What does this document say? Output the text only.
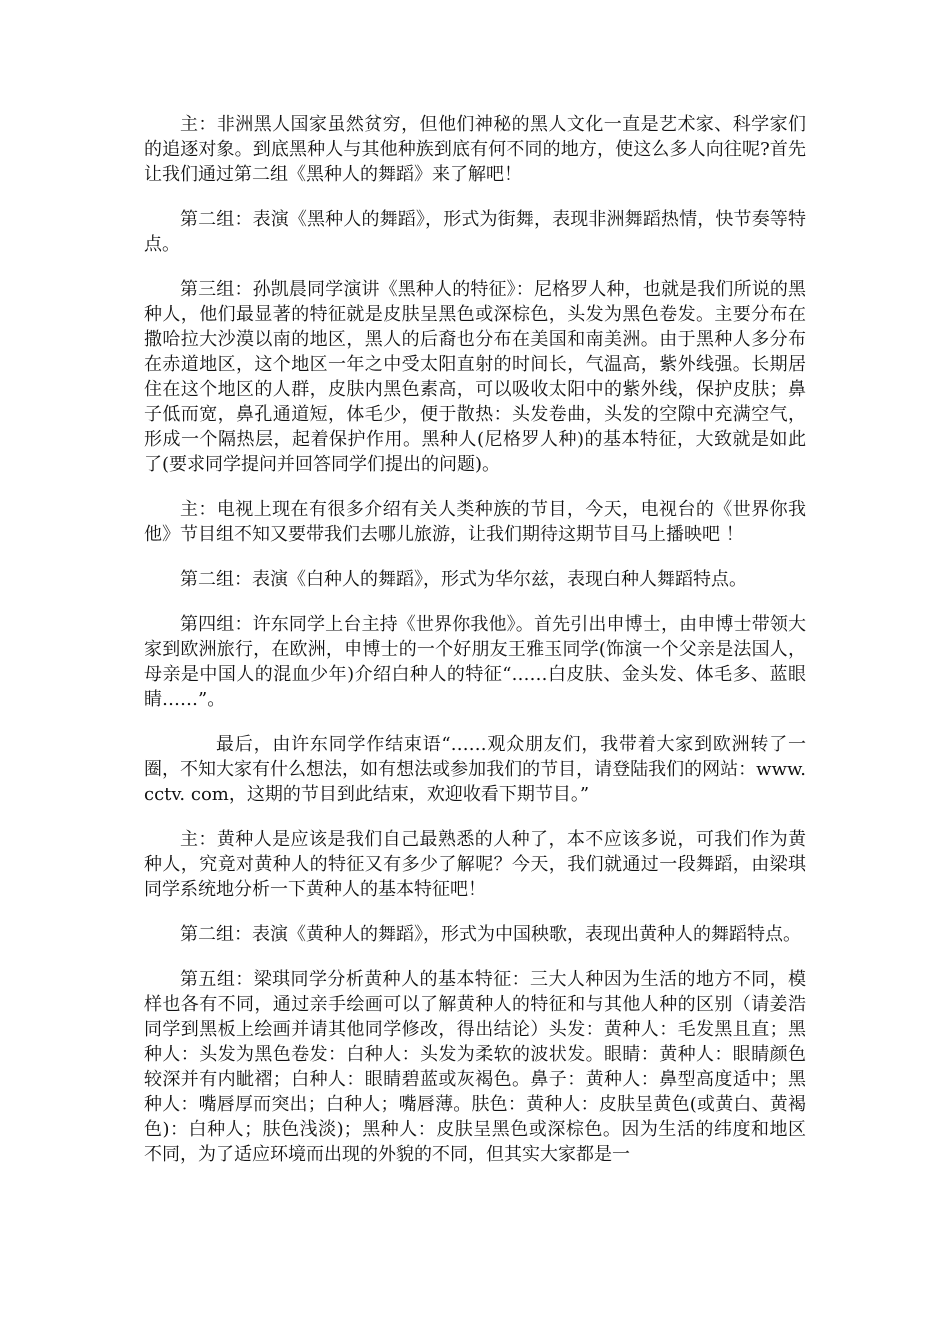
主：非洲黑人国家虽然贫穷，但他们神秘的黑人文化一直是艺术家、科学家们的追逐对象。到底黑种人与其他种族到底有何不同的地方，使这么多人向往呢?首先让我们通过第二组《黑种人的舞蹈》来了解吧！

第二组：表演《黑种人的舞蹈》，形式为街舞，表现非洲舞蹈热情，快节奏等特点。

第三组：孙凯晨同学演讲《黑种人的特征》：尼格罗人种，也就是我们所说的黑种人，他们最显著的特征就是皮肤呈黑色或深棕色，头发为黑色卷发。主要分布在撒哈拉大沙漠以南的地区，黑人的后裔也分布在美国和南美洲。由于黑种人多分布在赤道地区，这个地区一年之中受太阳直射的时间长，气温高，紫外线强。长期居住在这个地区的人群，皮肤内黑色素高，可以吸收太阳中的紫外线，保护皮肤；鼻子低而宽，鼻孔通道短，体毛少，便于散热：头发卷曲，头发的空隙中充满空气，形成一个隔热层，起着保护作用。黑种人(尼格罗人种)的基本特征，大致就是如此了(要求同学提问并回答同学们提出的问题)。

主：电视上现在有很多介绍有关人类种族的节目，今天，电视台的《世界你我他》节目组不知又要带我们去哪儿旅游，让我们期待这期节目马上播映吧 ！

第二组：表演《白种人的舞蹈》，形式为华尔兹，表现白种人舞蹈特点。

第四组：许东同学上台主持《世界你我他》。首先引出申博士，由申博士带领大家到欧洲旅行，在欧洲，申博士的一个好朋友王雅玉同学(饰演一个父亲是法国人，母亲是中国人的混血少年)介绍白种人的特征“……白皮肤、金头发、体毛多、蓝眼睛……”。

最后，由许东同学作结束语“……观众朋友们，我带着大家到欧洲转了一圈，不知大家有什么想法，如有想法或参加我们的节目，请登陆我们的网站：www. cctv. com，这期的节目到此结束，欢迎收看下期节目。”

主：黄种人是应该是我们自己最熟悉的人种了，本不应该多说，可我们作为黄种人，究竟对黄种人的特征又有多少了解呢？今天，我们就通过一段舞蹈，由梁琪同学系统地分析一下黄种人的基本特征吧！

第二组：表演《黄种人的舞蹈》，形式为中国秧歌，表现出黄种人的舞蹈特点。

第五组：梁琪同学分析黄种人的基本特征：三大人种因为生活的地方不同，模样也各有不同，通过亲手绘画可以了解黄种人的特征和与其他人种的区别（请姜浩同学到黑板上绘画并请其他同学修改，得出结论）头发：黄种人：毛发黑且直；黑种人：头发为黑色卷发：白种人：头发为柔软的波状发。眼睛：黄种人：眼睛颜色较深并有内眦褶；白种人：眼睛碧蓝或灰褐色。鼻子：黄种人：鼻型高度适中；黑种人：嘴唇厚而突出；白种人；嘴唇薄。肤色：黄种人：皮肤呈黄色(或黄白、黄褐色)：白种人；肤色浅淡)；黑种人：皮肤呈黑色或深棕色。因为生活的纬度和地区不同，为了适应环境而出现的外貌的不同，但其实大家都是一
